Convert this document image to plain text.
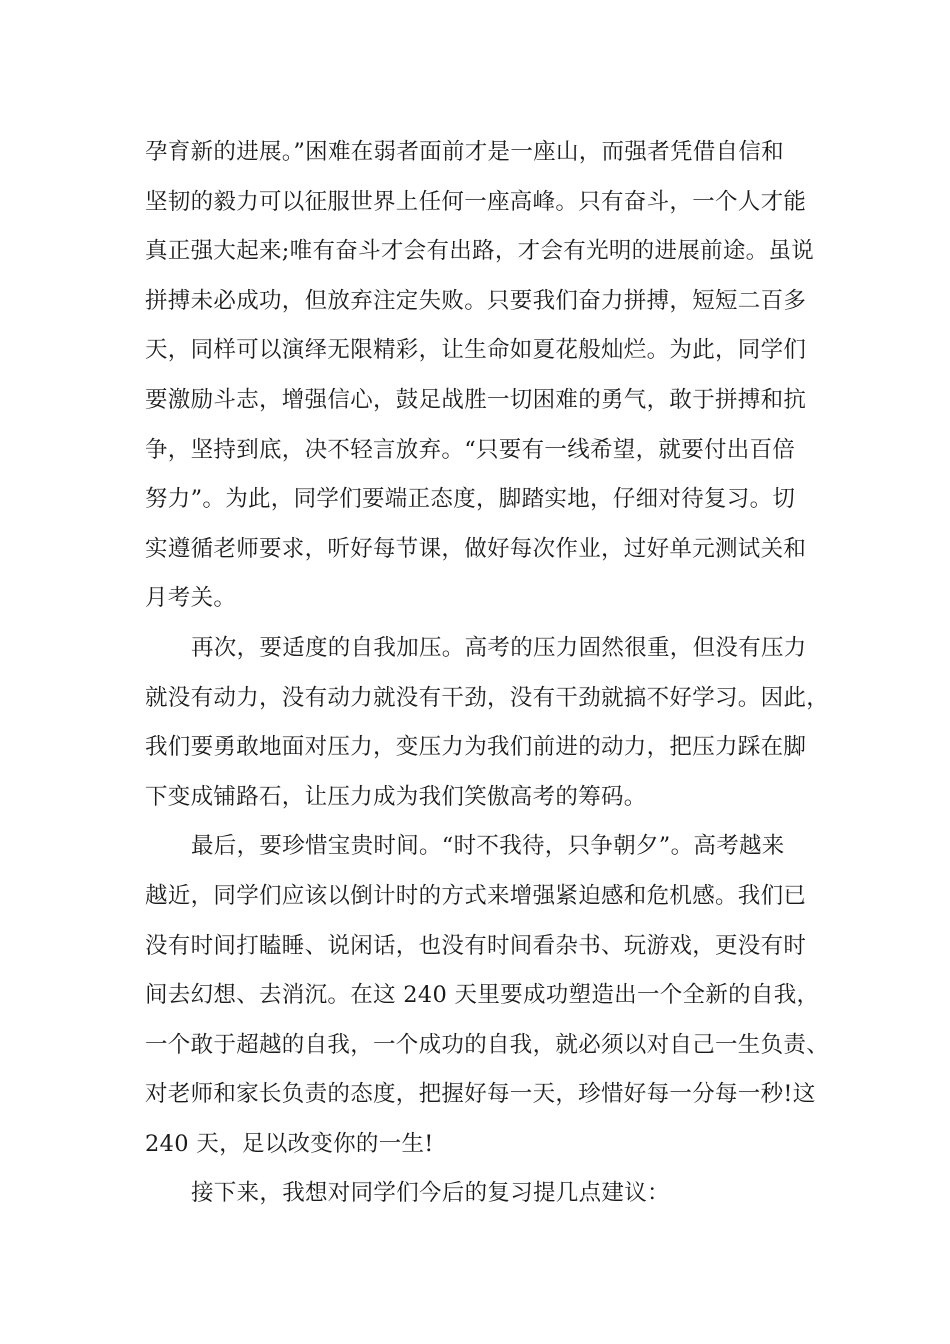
孕育新的进展。”困难在弱者面前才是一座山，而强者凭借自信和
坚韧的毅力可以征服世界上任何一座高峰。只有奋斗，一个人才能
真正强大起来;唯有奋斗才会有出路，才会有光明的进展前途。虽说
拼搏未必成功，但放弃注定失败。只要我们奋力拼搏，短短二百多
天，同样可以演绎无限精彩，让生命如夏花般灿烂。为此，同学们
要激励斗志，增强信心，鼓足战胜一切困难的勇气，敢于拼搏和抗
争，坚持到底，决不轻言放弃。“只要有一线希望，就要付出百倍
努力”。为此，同学们要端正态度，脚踏实地，仔细对待复习。切
实遵循老师要求，听好每节课，做好每次作业，过好单元测试关和
月考关。
再次，要适度的自我加压。高考的压力固然很重，但没有压力
就没有动力，没有动力就没有干劲，没有干劲就搞不好学习。因此，
我们要勇敢地面对压力，变压力为我们前进的动力，把压力踩在脚
下变成铺路石，让压力成为我们笑傲高考的筹码。
最后，要珍惜宝贵时间。“时不我待，只争朝夕”。高考越来
越近，同学们应该以倒计时的方式来增强紧迫感和危机感。我们已
没有时间打瞌睡、说闲话，也没有时间看杂书、玩游戏，更没有时
间去幻想、去消沉。在这 240 天里要成功塑造出一个全新的自我，
一个敢于超越的自我，一个成功的自我，就必须以对自己一生负责、
对老师和家长负责的态度，把握好每一天，珍惜好每一分每一秒!这
240 天，足以改变你的一生!
接下来，我想对同学们今后的复习提几点建议：
